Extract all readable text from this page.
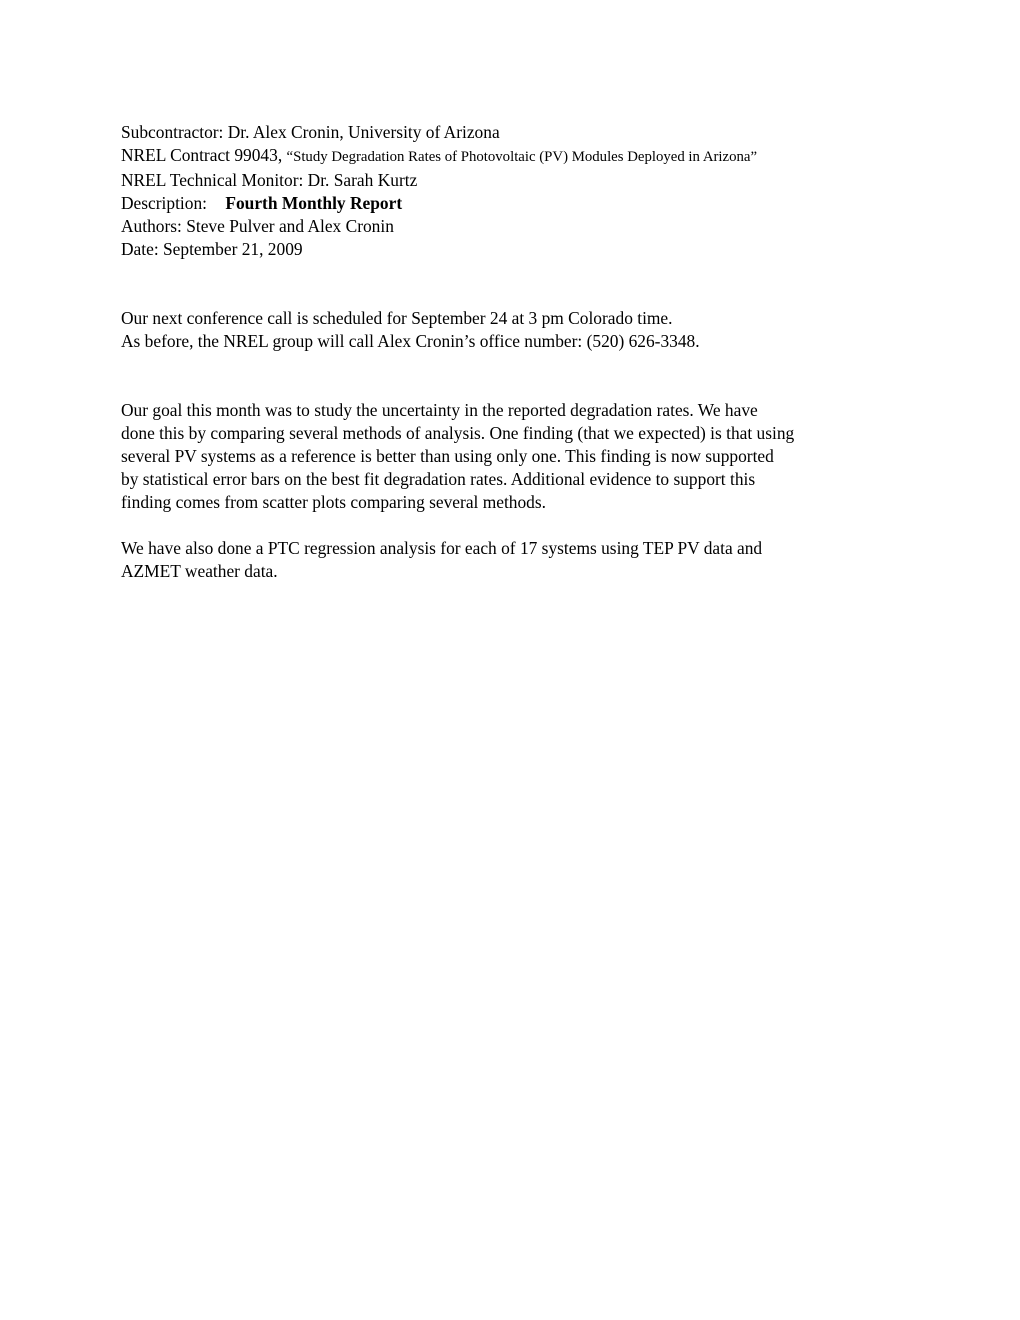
Subcontractor: Dr. Alex Cronin, University of Arizona
NREL Contract 99043, “Study Degradation Rates of Photovoltaic (PV) Modules Deployed in Arizona”
NREL Technical Monitor: Dr. Sarah Kurtz
Description: Fourth Monthly Report
Authors: Steve Pulver and Alex Cronin
Date: September 21, 2009
Our next conference call is scheduled for September 24 at 3 pm Colorado time.
As before, the NREL group will call Alex Cronin’s office number: (520) 626-3348.
Our goal this month was to study the uncertainty in the reported degradation rates. We have
done this by comparing several methods of analysis. One finding (that we expected) is that using
several PV systems as a reference is better than using only one. This finding is now supported
by statistical error bars on the best fit degradation rates. Additional evidence to support this
finding comes from scatter plots comparing several methods.
We have also done a PTC regression analysis for each of 17 systems using TEP PV data and
AZMET weather data.
